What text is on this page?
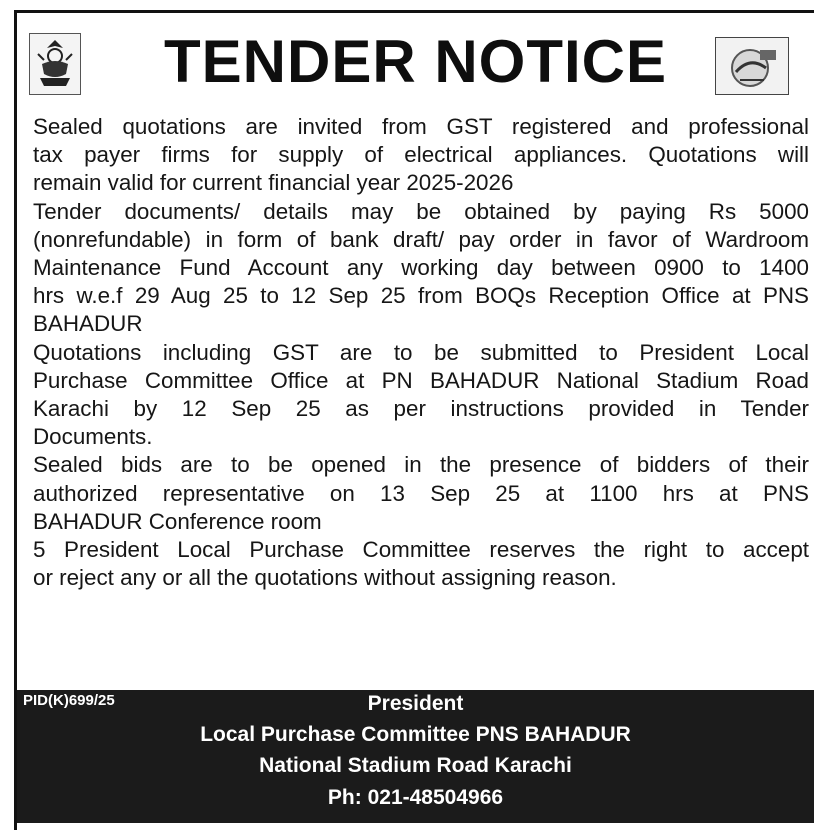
TENDER NOTICE

Sealed quotations are invited from GST registered and professional
tax payer firms for supply of electrical appliances. Quotations will
remain valid for current financial year 2025-2026

Tender documents/ details may be obtained by paying Rs 5000
(nonrefundable) in form of bank draft/ pay order in favor of Wardroom
Maintenance Fund Account any working day between 0900 to 1400
hrs w.e.f 29 Aug 25 to 12 Sep 25 from BOQs Reception Office at PNS
BAHADUR

Quotations including GST are to be submitted to President Local
Purchase Committee Office at PN BAHADUR National Stadium Road
Karachi by 12 Sep 25 as per instructions provided in Tender
Documents.

Sealed bids are to be opened in the presence of bidders of their
authorized representative on 13 Sep 25 at 1100 hrs at PNS
BAHADUR Conference room

5 President Local Purchase Committee reserves the right to accept
or reject any or all the quotations without assigning reason.

PID(K)699/25	President
Local Purchase Committee PNS BAHADUR
National Stadium Road Karachi
Ph: 021-48504966
